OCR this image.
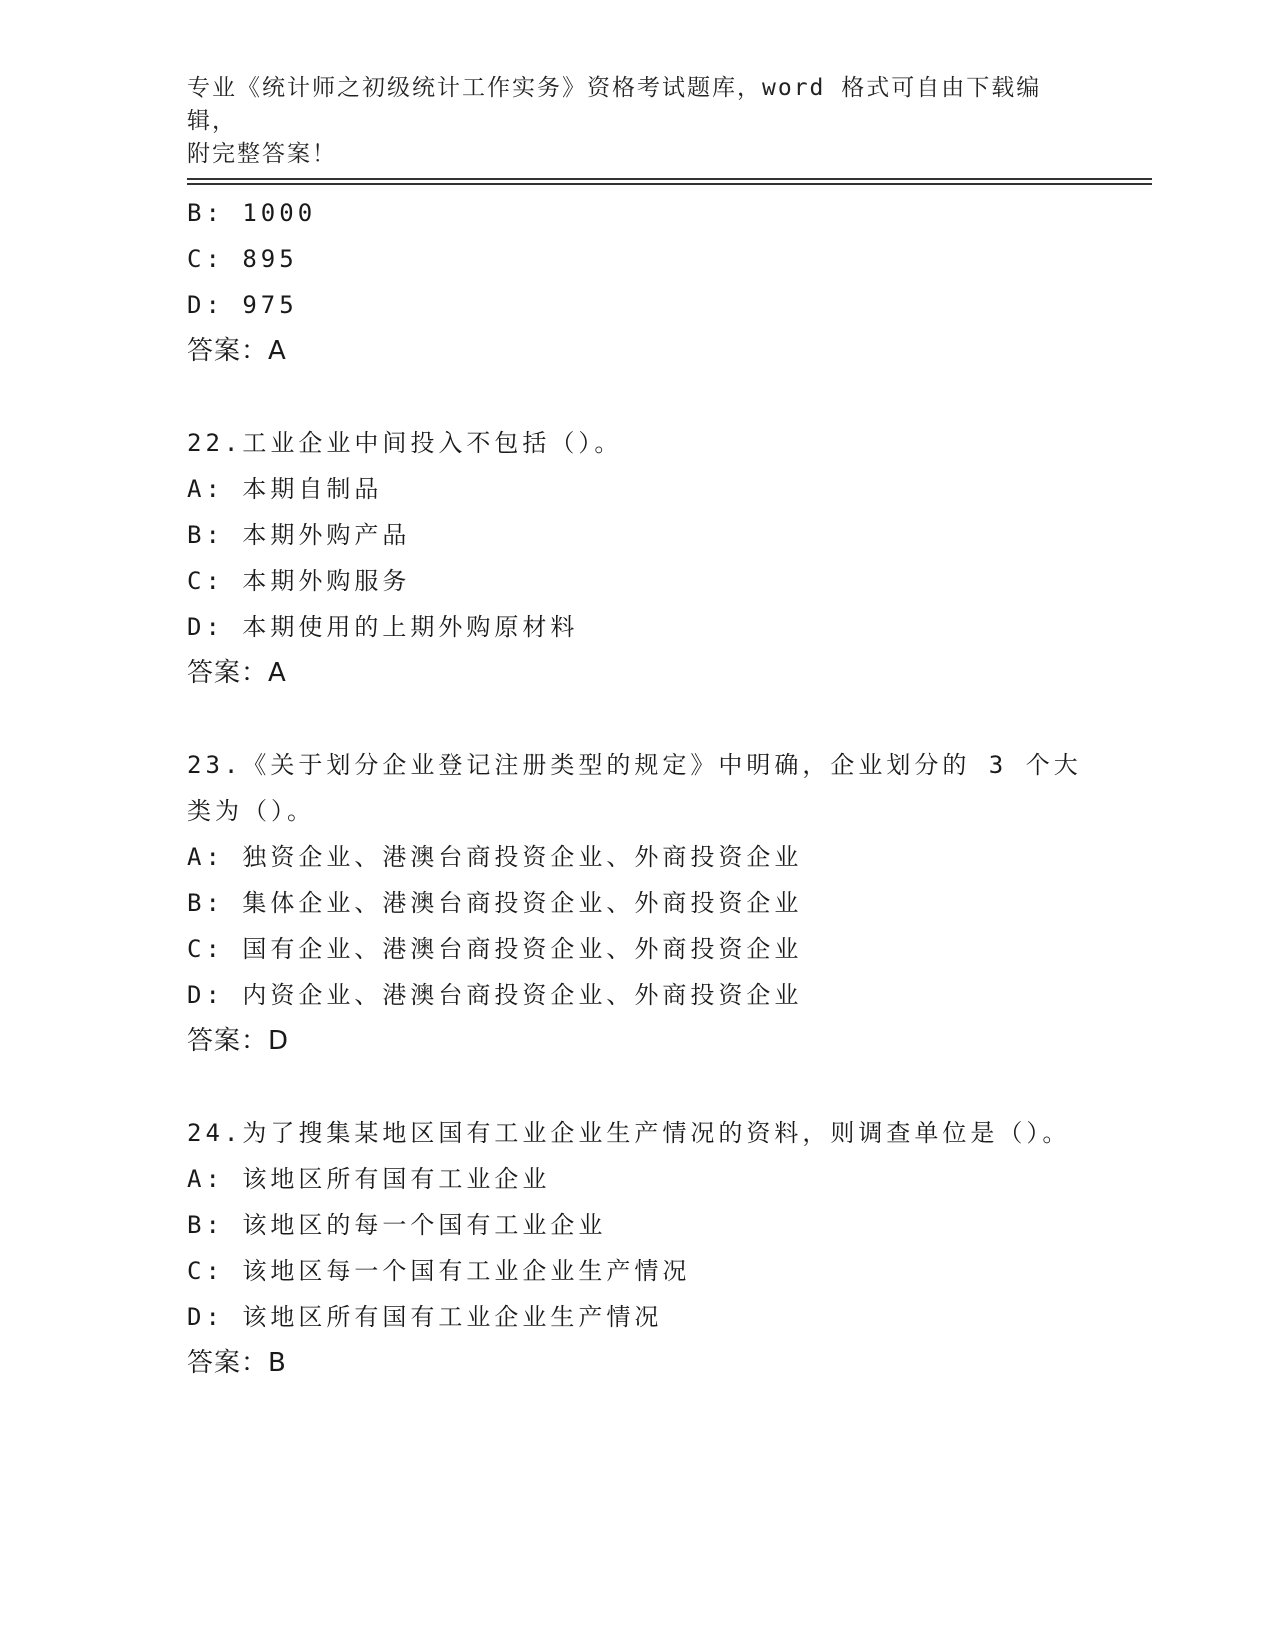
专业《统计师之初级统计工作实务》资格考试题库，word 格式可自由下载编辑，
附完整答案！
B: 1000
C: 895
D: 975
答案：A
22.工业企业中间投入不包括（）。
A: 本期自制品
B: 本期外购产品
C: 本期外购服务
D: 本期使用的上期外购原材料
答案：A
23.《关于划分企业登记注册类型的规定》中明确，企业划分的 3 个大类为（）。
A: 独资企业、港澳台商投资企业、外商投资企业
B: 集体企业、港澳台商投资企业、外商投资企业
C: 国有企业、港澳台商投资企业、外商投资企业
D: 内资企业、港澳台商投资企业、外商投资企业
答案：D
24.为了搜集某地区国有工业企业生产情况的资料，则调查单位是（）。
A: 该地区所有国有工业企业
B: 该地区的每一个国有工业企业
C: 该地区每一个国有工业企业生产情况
D: 该地区所有国有工业企业生产情况
答案：B
